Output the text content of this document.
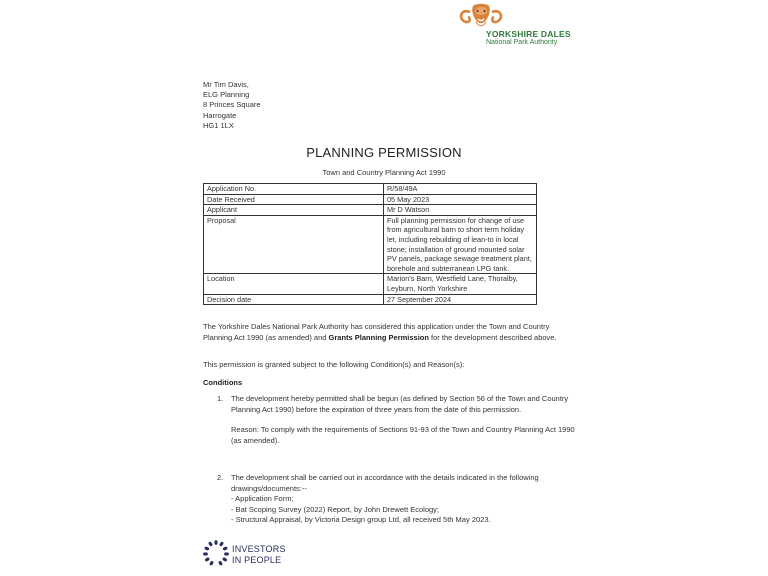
YORKSHIRE DALES
National Park Authority
Mr Tim Davis,
ELG Planning
8 Princes Square
Harrogate
HG1 1LX
PLANNING PERMISSION
Town and Country Planning Act 1990
Application No.	R/58/49A
Date Received	05 May 2023
Applicant	Mr D Watson
Proposal	Full planning permission for change of use from agricultural barn to short term holiday let, including rebuilding of lean-to in local stone; installation of ground mounted solar PV panels, package sewage treatment plant, borehole and subterranean LPG tank.
Location	Marion's Barn, Westfield Lane, Thoralby, Leyburn, North Yorkshire
Decision date	27 September 2024
The Yorkshire Dales National Park Authority has considered this application under the Town and Country Planning Act 1990 (as amended) and Grants Planning Permission for the development described above.
This permission is granted subject to the following Condition(s) and Reason(s):
Conditions
1. The development hereby permitted shall be begun (as defined by Section 56 of the Town and Country Planning Act 1990) before the expiration of three years from the date of this permission.
Reason: To comply with the requirements of Sections 91-93 of the Town and Country Planning Act 1990 (as amended).
2. The development shall be carried out in accordance with the details indicated in the following drawings/documents:--
- Application Form;
- Bat Scoping Survey (2022) Report, by John Drewett Ecology;
- Structural Appraisal, by Victoria Design group Ltd, all received 5th May 2023.
INVESTORS
IN PEOPLE
